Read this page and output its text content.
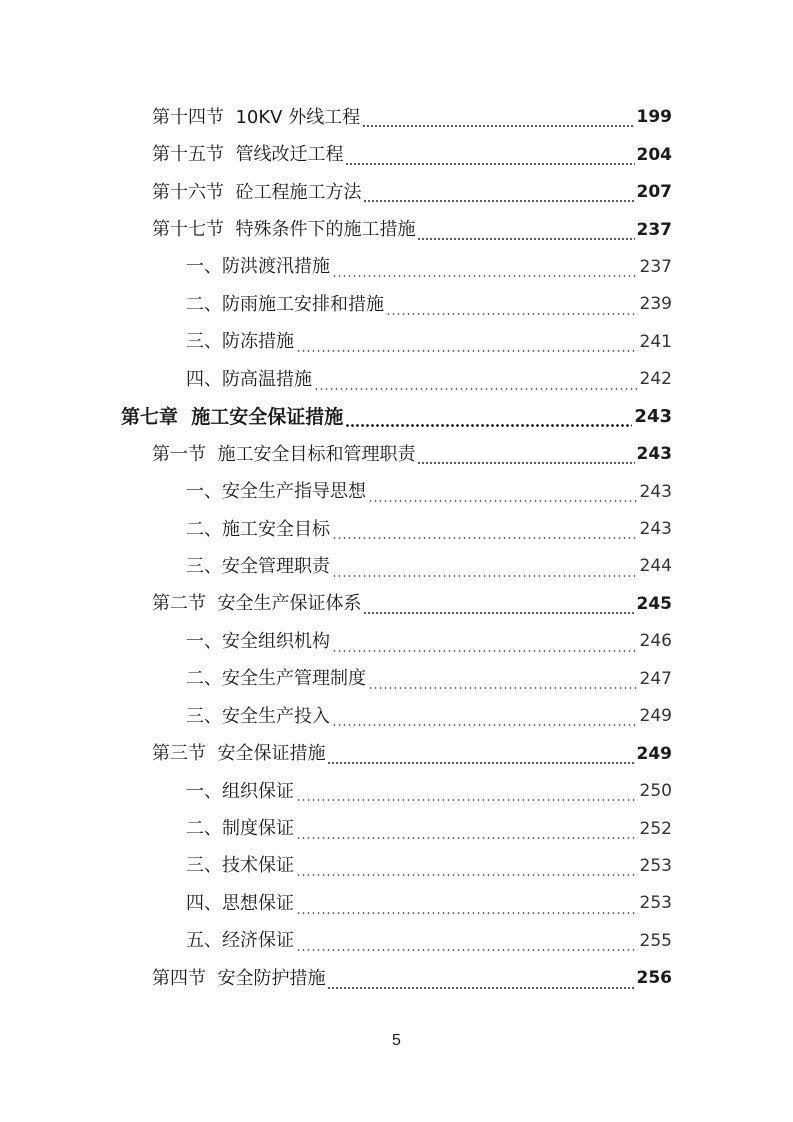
第十四节 10KV 外线工程	199
第十五节 管线改迁工程	204
第十六节 砼工程施工方法	207
第十七节 特殊条件下的施工措施	237
一、 防洪渡汛措施	237
二、 防雨施工安排和措施	239
三、 防冻措施	241
四、 防高温措施	242
第七章 施工安全保证措施	243
第一节 施工安全目标和管理职责	243
一、 安全生产指导思想	243
二、 施工安全目标	243
三、 安全管理职责	244
第二节 安全生产保证体系	245
一、 安全组织机构	246
二、 安全生产管理制度	247
三、 安全生产投入	249
第三节 安全保证措施	249
一、 组织保证	250
二、 制度保证	252
三、 技术保证	253
四、 思想保证	253
五、 经济保证	255
第四节 安全防护措施	256
5
